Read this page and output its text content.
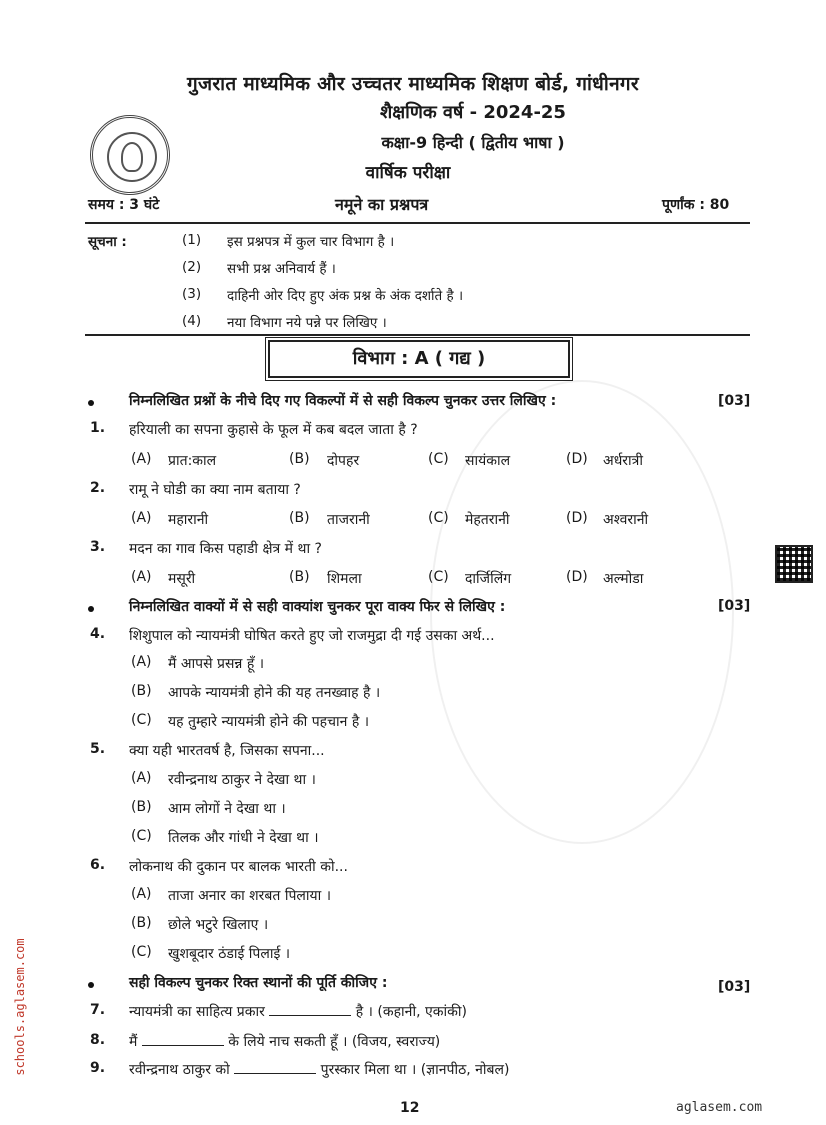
गुजरात माध्यमिक और उच्चतर माध्यमिक शिक्षण बोर्ड, गांधीनगर
शैक्षणिक वर्ष - 2024-25
कक्षा-9 हिन्दी ( द्वितीय भाषा )
वार्षिक परीक्षा
समय : 3 घंटे	नमूने का प्रश्नपत्र	पूर्णांक : 80
सूचना :	(1) इस प्रश्नपत्र में कुल चार विभाग है ।
(2) सभी प्रश्न अनिवार्य हैं ।
(3) दाहिनी ओर दिए हुए अंक प्रश्न के अंक दर्शाते है ।
(4) नया विभाग नये पन्ने पर लिखिए ।
विभाग : A ( गद्य )
निम्नलिखित प्रश्नों के नीचे दिए गए विकल्पों में से सही विकल्प चुनकर उत्तर लिखिए :	[03]
1. हरियाली का सपना कुहासे के फूल में कब बदल जाता है ?
(A) प्रात:काल	(B) दोपहर	(C) सायंकाल	(D) अर्धरात्री
2. रामू ने घोडी का क्या नाम बताया ?
(A) महारानी	(B) ताजरानी	(C) मेहतरानी	(D) अश्वरानी
3. मदन का गाव किस पहाडी क्षेत्र में था ?
(A) मसूरी	(B) शिमला	(C) दार्जिलिंग	(D) अल्मोडा
निम्नलिखित वाक्यों में से सही वाक्यांश चुनकर पूरा वाक्य फिर से लिखिए :	[03]
4. शिशुपाल को न्यायमंत्री घोषित करते हुए जो राजमुद्रा दी गई उसका अर्थ...
(A) मैं आपसे प्रसन्न हूँ ।
(B) आपके न्यायमंत्री होने की यह तनख्वाह है ।
(C) यह तुम्हारे न्यायमंत्री होने की पहचान है ।
5. क्या यही भारतवर्ष है, जिसका सपना...
(A) रवीन्द्रनाथ ठाकुर ने देखा था ।
(B) आम लोगों ने देखा था ।
(C) तिलक और गांधी ने देखा था ।
6. लोकनाथ की दुकान पर बालक भारती को...
(A) ताजा अनार का शरबत पिलाया ।
(B) छोले भटुरे खिलाए ।
(C) खुशबूदार ठंडाई पिलाई ।
सही विकल्प चुनकर रिक्त स्थानों की पूर्ति कीजिए :	[03]
7. न्यायमंत्री का साहित्य प्रकार	है । (कहानी, एकांकी)
8. मैं	के लिये नाच सकती हूँ । (विजय, स्वराज्य)
9. रवीन्द्रनाथ ठाकुर को	पुरस्कार मिला था । (ज्ञानपीठ, नोबल)
12	aglasem.com
schools.aglasem.com
